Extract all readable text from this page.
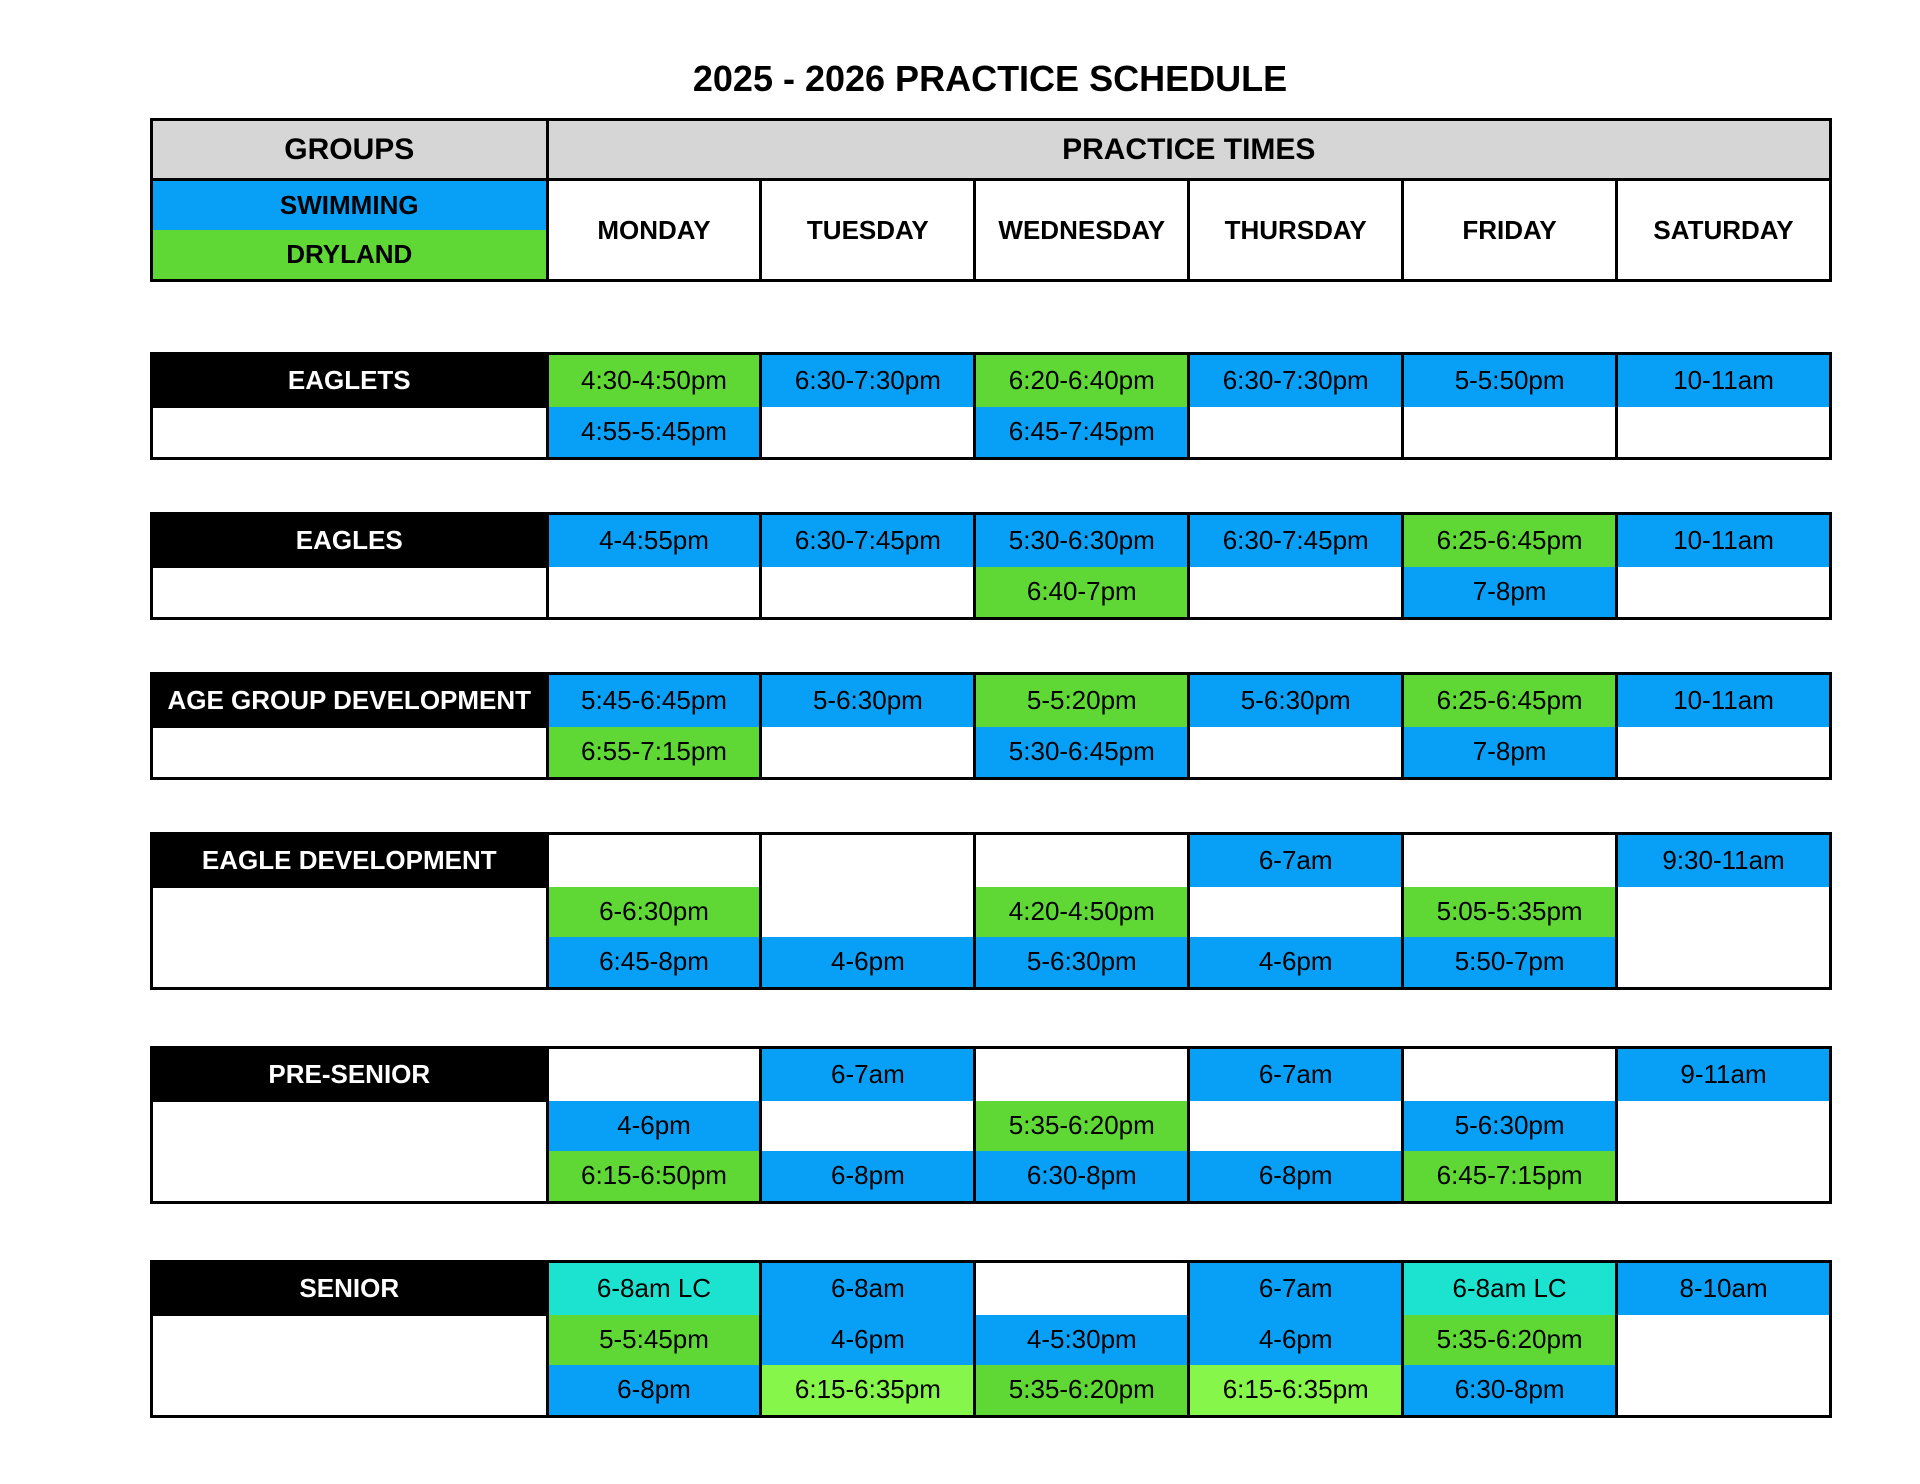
2025 - 2026 PRACTICE SCHEDULE
GROUPS	PRACTICE TIMES					

SWIMMING
DRYLAND	MONDAY	TUESDAY	WEDNESDAY	THURSDAY	FRIDAY	SATURDAY
EAGLETS	4:30-4:50pm	6:30-7:30pm	6:20-6:40pm	6:30-7:30pm	5-5:50pm	10-11am
	4:55-5:45pm		6:45-7:45pm			
EAGLES	4-4:55pm	6:30-7:45pm	5:30-6:30pm	6:30-7:45pm	6:25-6:45pm	10-11am
			6:40-7pm		7-8pm	
AGE GROUP DEVELOPMENT	5:45-6:45pm	5-6:30pm	5-5:20pm	5-6:30pm	6:25-6:45pm	10-11am
	6:55-7:15pm		5:30-6:45pm		7-8pm	
EAGLE DEVELOPMENT				6-7am		9:30-11am
	6-6:30pm		4:20-4:50pm		5:05-5:35pm	
	6:45-8pm	4-6pm	5-6:30pm	4-6pm	5:50-7pm	
PRE-SENIOR		6-7am		6-7am		9-11am
	4-6pm		5:35-6:20pm		5-6:30pm	
	6:15-6:50pm	6-8pm	6:30-8pm	6-8pm	6:45-7:15pm	
SENIOR	6-8am LC	6-8am		6-7am	6-8am LC	8-10am
	5-5:45pm	4-6pm	4-5:30pm	4-6pm	5:35-6:20pm	
	6-8pm	6:15-6:35pm	5:35-6:20pm	6:15-6:35pm	6:30-8pm	
